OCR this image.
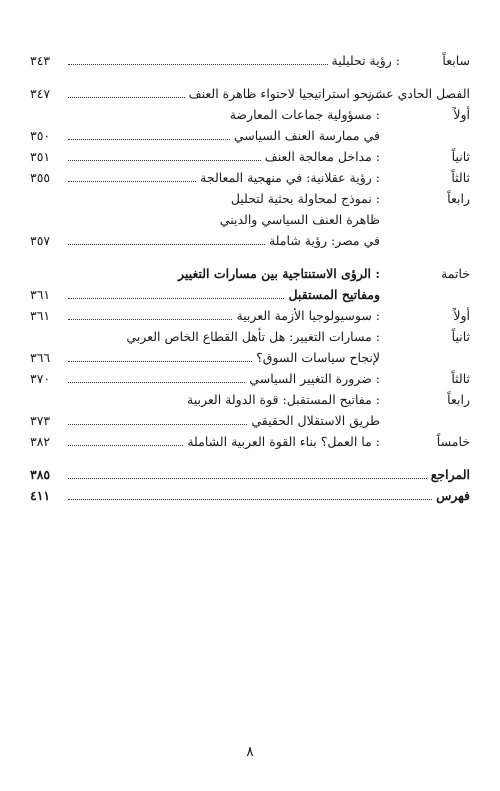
سابعاً
: رؤية تحليلية
٣٤٣
الفصل الحادي عشر
: نحو استراتيجيا لاحتواء ظاهرة العنف
٣٤٧
أولاً
: مسؤولية جماعات المعارضة
في ممارسة العنف السياسي
٣٥٠
ثانياً
: مداخل معالجة العنف
٣٥١
ثالثاً
: رؤية عقلانية: في منهجية المعالجة
٣٥٥
رابعاً
: نموذج لمحاولة بحثية لتحليل
ظاهرة العنف السياسي والديني
في مصر: رؤية شاملة
٣٥٧
خاتمة
: الرؤى الاستنتاجية بين مسارات التغيير
ومفاتيح المستقبل
٣٦١
أولاً
: سوسيولوجيا الأزمة العربية
٣٦١
ثانياً
: مسارات التغيير: هل تأهل القطاع الخاص العربي
لإنجاح سياسات السوق؟
٣٦٦
ثالثاً
: ضرورة التغيير السياسي
٣٧٠
رابعاً
: مفاتيح المستقبل: قوة الدولة العربية
طريق الاستقلال الحقيقي
٣٧٣
خامساً
: ما العمل؟ بناء القوة العربية الشاملة
٣٨٢
المراجع
٣٨٥
فهرس
٤١١
٨
